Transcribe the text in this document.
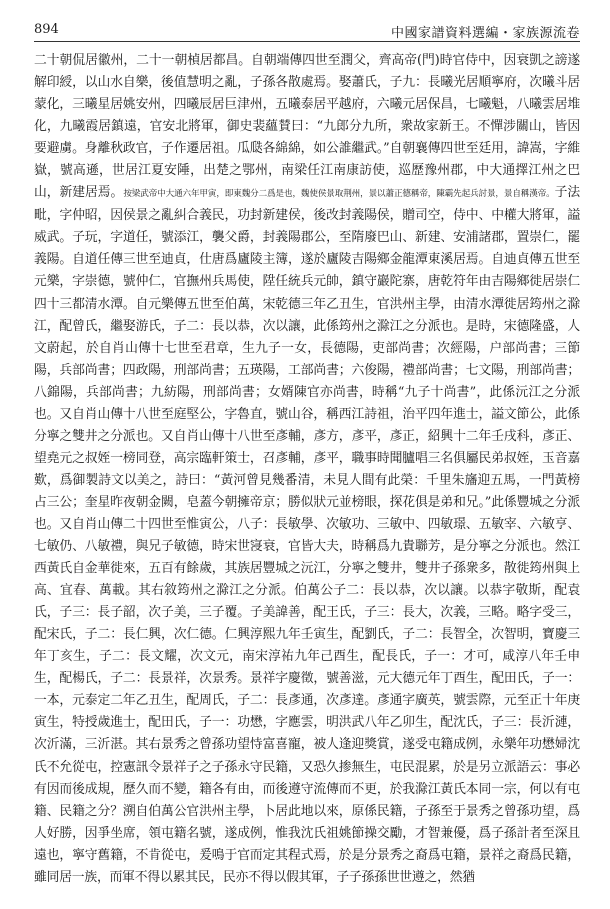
894	中國家譜資料選編・家族源流卷

二十朝侃居徽州，二十一朝楨居都昌。自朝端傳四世至潤父，齊高帝(門)時官侍中，因衰凱之謗遂解印綬，以山水自樂，後值慧明之亂，子孫各散處焉。娶蕭氏，子九：長曦光居順寧府，次曦斗居蒙化，三曦星居姚安州，四曦辰居巨津州，五曦泰居平越府，六曦元居保昌，七曦魁，八曦雲居堆化，九曦霞居鎮遠，官安北將軍，御史裴蘊賛曰：“九郎分九所，衆故家新王。不憚涉關山，皆因要避虜。身離秋政官，子作遷居祖。瓜瓞各綿綿，如公誰繼武。”自朝襄傳四世至廷用，諱嵩，字維嶽，號高遜，世居江夏安陲，出楚之鄂州，南梁任江南康訪使，巡歷豫州郡，中大通擇江州之巴山，新建居焉。按梁武帝中大通六年甲寅，即東魏分二爲是也，魏使侯景取荆州，景以蕭正德稱帝，陳霸先起兵討景，景自稱漢帝。子法毗，字仲昭，因侯景之亂糾合義民，功封新建侯，後改封義陽侯，贈司空，侍中、中權大將軍，謚威武。子玩，字道任，號添江，襲父爵，封義陽郡公，至隋廢巴山、新建、安浦諸郡，置崇仁，罷義陽。自道任傳三世至迪貞，仕唐爲廬陵主簿，遂於廬陵吉陽鄉金龍潭東溪居焉。自迪貞傳五世至元樂，字崇德，號仲仁，官撫州兵馬使，陞任統兵元帥，鎮守巖陀寨，唐乾符年由吉陽鄉徙居崇仁四十三都清水潭。自元樂傳五世至伯萬，宋乾德三年乙丑生，官洪州主學，由清水潭徙居筠州之滁江，配曾氏，繼娶游氏，子二：長以恭，次以讓，此係筠州之滁江之分派也。是時，宋德隆盛，人文蔚起，於自肖山傳十七世至君章，生九子一女，長德陽，吏部尚書；次經陽，户部尚書；三節陽，兵部尚書；四政陽，刑部尚書；五瑛陽，工部尚書；六俊陽，禮部尚書；七文陽，刑部尚書；八錦陽，兵部尚書；九紡陽，刑部尚書；女婿陳官亦尚書，時稱“九子十尚書”，此係沅江之分派也。又自肖山傳十八世至庭堅公，字魯直，號山谷，稱西江詩祖，治平四年進士，謚文節公，此係分寧之雙井之分派也。又自肖山傳十八世至彥輔，彥方，彥平，彥正，紹興十二年壬戌科，彥正、望堯元之叔姪一榜同登，高宗臨軒策士，召彥輔，彥平，職事時聞臚唱三名俱屬民弟叔姪，玉音嘉歎，爲御製詩文以美之，詩曰：“黃河曾見幾番清，未見人間有此榮：千里朱旛迎五馬，一門黃榜占三公；奎星昨夜朝金闕，皂蓋今朝擁帝京；勝似狀元並榜眼，探花俱是弟和兄。”此係豐城之分派也。又自肖山傳二十四世至惟寅公，八子：長敏學、次敏功、三敏中、四敏璟、五敏宰、六敏亨、七敏仍、八敏禮，與兄子敏德，時宋世寖衰，官皆大夫，時稱爲九貴聯芳，是分寧之分派也。然江西黃氏自金華徙來，五百有餘歲，其族居豐城之沅江，分寧之雙井，雙井子孫衆多，散徙筠州與上高、宜春、萬載。其右敘筠州之滁江之分派。伯萬公子二：長以恭，次以讓。以恭字敬斯，配袁氏，子三：長子韶，次子美，三子覆。子美諱善，配王氏，子三：長大，次義，三略。略字受三，配宋氏，子二：長仁興，次仁德。仁興淳熙九年壬寅生，配劉氏，子二：長智全，次智明，寶慶三年丁亥生，子二：長文耀，次文元，南宋淳祐九年己酉生，配長氏，子一：才可，咸淳八年壬申生，配楊氏，子二：長景祥，次景秀。景祥字慶徵，號善滋，元大德元年丁酉生，配田氏，子一：一本，元泰定二年乙丑生，配周氏，子二：長彥通，次彥達。彥通字廣英，號雲際，元至正十年庚寅生，特授歲進士，配田氏，子一：功懋，字應雲，明洪武八年乙卯生，配沈氏，子三：長沂漣，次沂滿，三沂湛。其右景秀之曾孫功望恃富喜寵，被人逢迎獎賞，遂受屯籍成例，永樂年功懋婦沈氏不允從屯，控憲訊令景祥子之子孫永守民籍，又恐久掺無生，屯民混累，於是另立派語云：事必有因而後成規，歷久而不變，籍各有由，而後遵守流傳而不更，於我滁江黃氏本同一宗，何以有屯籍、民籍之分？溯自伯萬公官洪州主學，卜居此地以來，原係民籍，子孫至于景秀之曾孫功望，爲人好勝，因爭坐席，領屯籍名號，遂成例，惟我沈氏祖姚節操交勵，才智兼優，爲子孫計者至深且遠也，寧守舊籍，不肯從屯，爰鳴于官而定其程式焉，於是分景秀之裔爲屯籍，景祥之裔爲民籍，雖同居一族，而軍不得以累其民，民亦不得以假其軍，子子孫孫世世遵之，然猶
